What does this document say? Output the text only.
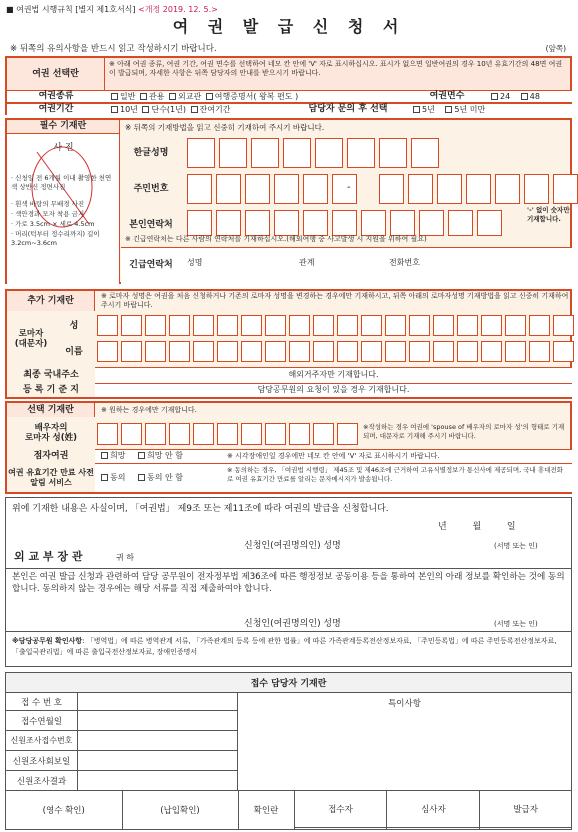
■ 여권법 시행규칙 [별지 제1호서식] <개정 2019. 12. 5.>
여 권 발 급 신 청 서
※ 뒤쪽의 유의사항을 반드시 읽고 작성하시기 바랍니다.	(앞쪽)
여권 선택란
※ 아래 여권 종류, 여권 기간, 여권 면수를 선택하여 네모 칸 안에 'V' 자로 표시하십시오. 표시가 없으면 일반여권의 경우 10년 유효기간의 48면 여권이 발급되며, 자세한 사항은 뒤쪽 담당자의 안내를 받으시기 바랍니다.
여권종류	일반 관용 외교관 여행증명서( 왕복 편도 )	여권면수	24 48
여권기간	10년 단수(1년) 잔여기간	담당자 문의 후 선택	5년 5년 미만
필수 기재란	※ 뒤쪽의 기재방법을 읽고 신중히 기재하여 주시기 바랍니다.
사 진
· 신청일 전 6개월 이내 촬영한 천연색 상반신 정면사진
· 흰색 바탕의 무배경 사진
· 색안경과 모자 착용 금지
· 가로 3.5cm × 세로 4.5cm
· 머리(턱부터 정수리까지) 길이 3.2cm~3.6cm
한글성명
주민번호	-
본인연락처
'-' 없이 숫자만 기재합니다.
※ 긴급연락처는 다른 사람의 연락처를 기재하십시오.(해외여행 중 사고발생 시 지원을 위하여 필요)
긴급연락처	성명	관계	전화번호
추가 기재란	※ 로마자 성명은 여권을 처음 신청하거나 기존의 로마자 성명을 변경하는 경우에만 기재하시고, 뒤쪽 아래의 로마자성명 기재방법을 읽고 신중히 기재하여 주시기 바랍니다.
로마자
(대문자)
성
이름
최종 국내주소	해외거주자만 기재합니다.
등 록 기 준 지	담당공무원의 요청이 있을 경우 기재합니다.
선택 기재란	※ 원하는 경우에만 기재합니다.
배우자의
로마자 성(姓)
※작성하는 경우 여권에 'spouse of 배우자의 로마자 성'의 형태로 기재되며, 대문자로 기재해 주시기 바랍니다.
점자여권	희망	희망 안 함	※ 시각장애인일 경우에만 네모 칸 안에 'V' 자로 표시하시기 바랍니다.
여권 유효기간 만료 사전 알림 서비스	동의	동의 안 함
※ 동의하는 경우, 「여권법 시행령」 제45조 및 제46조에 근거하여 고유식별정보가 통신사에 제공되며, 국내 휴대전화로 여권 유효기간 만료를 알리는 문자메시지가 발송됩니다.
위에 기재한 내용은 사실이며, 「여권법」 제9조 또는 제11조에 따라 여권의 발급을 신청합니다.
년         월         일
신청인(여권명의인) 성명	(서명 또는 인)
외 교 부 장 관	귀 하
본인은 여권 발급 신청과 관련하여 담당 공무원이 전자정부법 제36조에 따른 행정정보 공동이용 등을 통하여 본인의 아래 정보를 확인하는 것에 동의합니다. 동의하지 않는 경우에는 해당 서류를 직접 제출하여야 합니다.
신청인(여권명의인) 성명	(서명 또는 인)
※담당공무원 확인사항: 「병역법」에 따른 병역관계 서류, 「가족관계의 등록 등에 관한 법률」에 따른 가족관계등록전산정보자료, 「주민등록법」에 따른 주민등록전산정보자료, 「출입국관리법」에 따른 출입국전산정보자료, 장애인증명서
접수 담당자 기재란
접 수 번 호		특이사항
접수연월일	
신원조사접수번호	
신원조사회보일	
신원조사결과	

(영수 확인)	(납입확인)	확인란	접수자	심사자	발급자
